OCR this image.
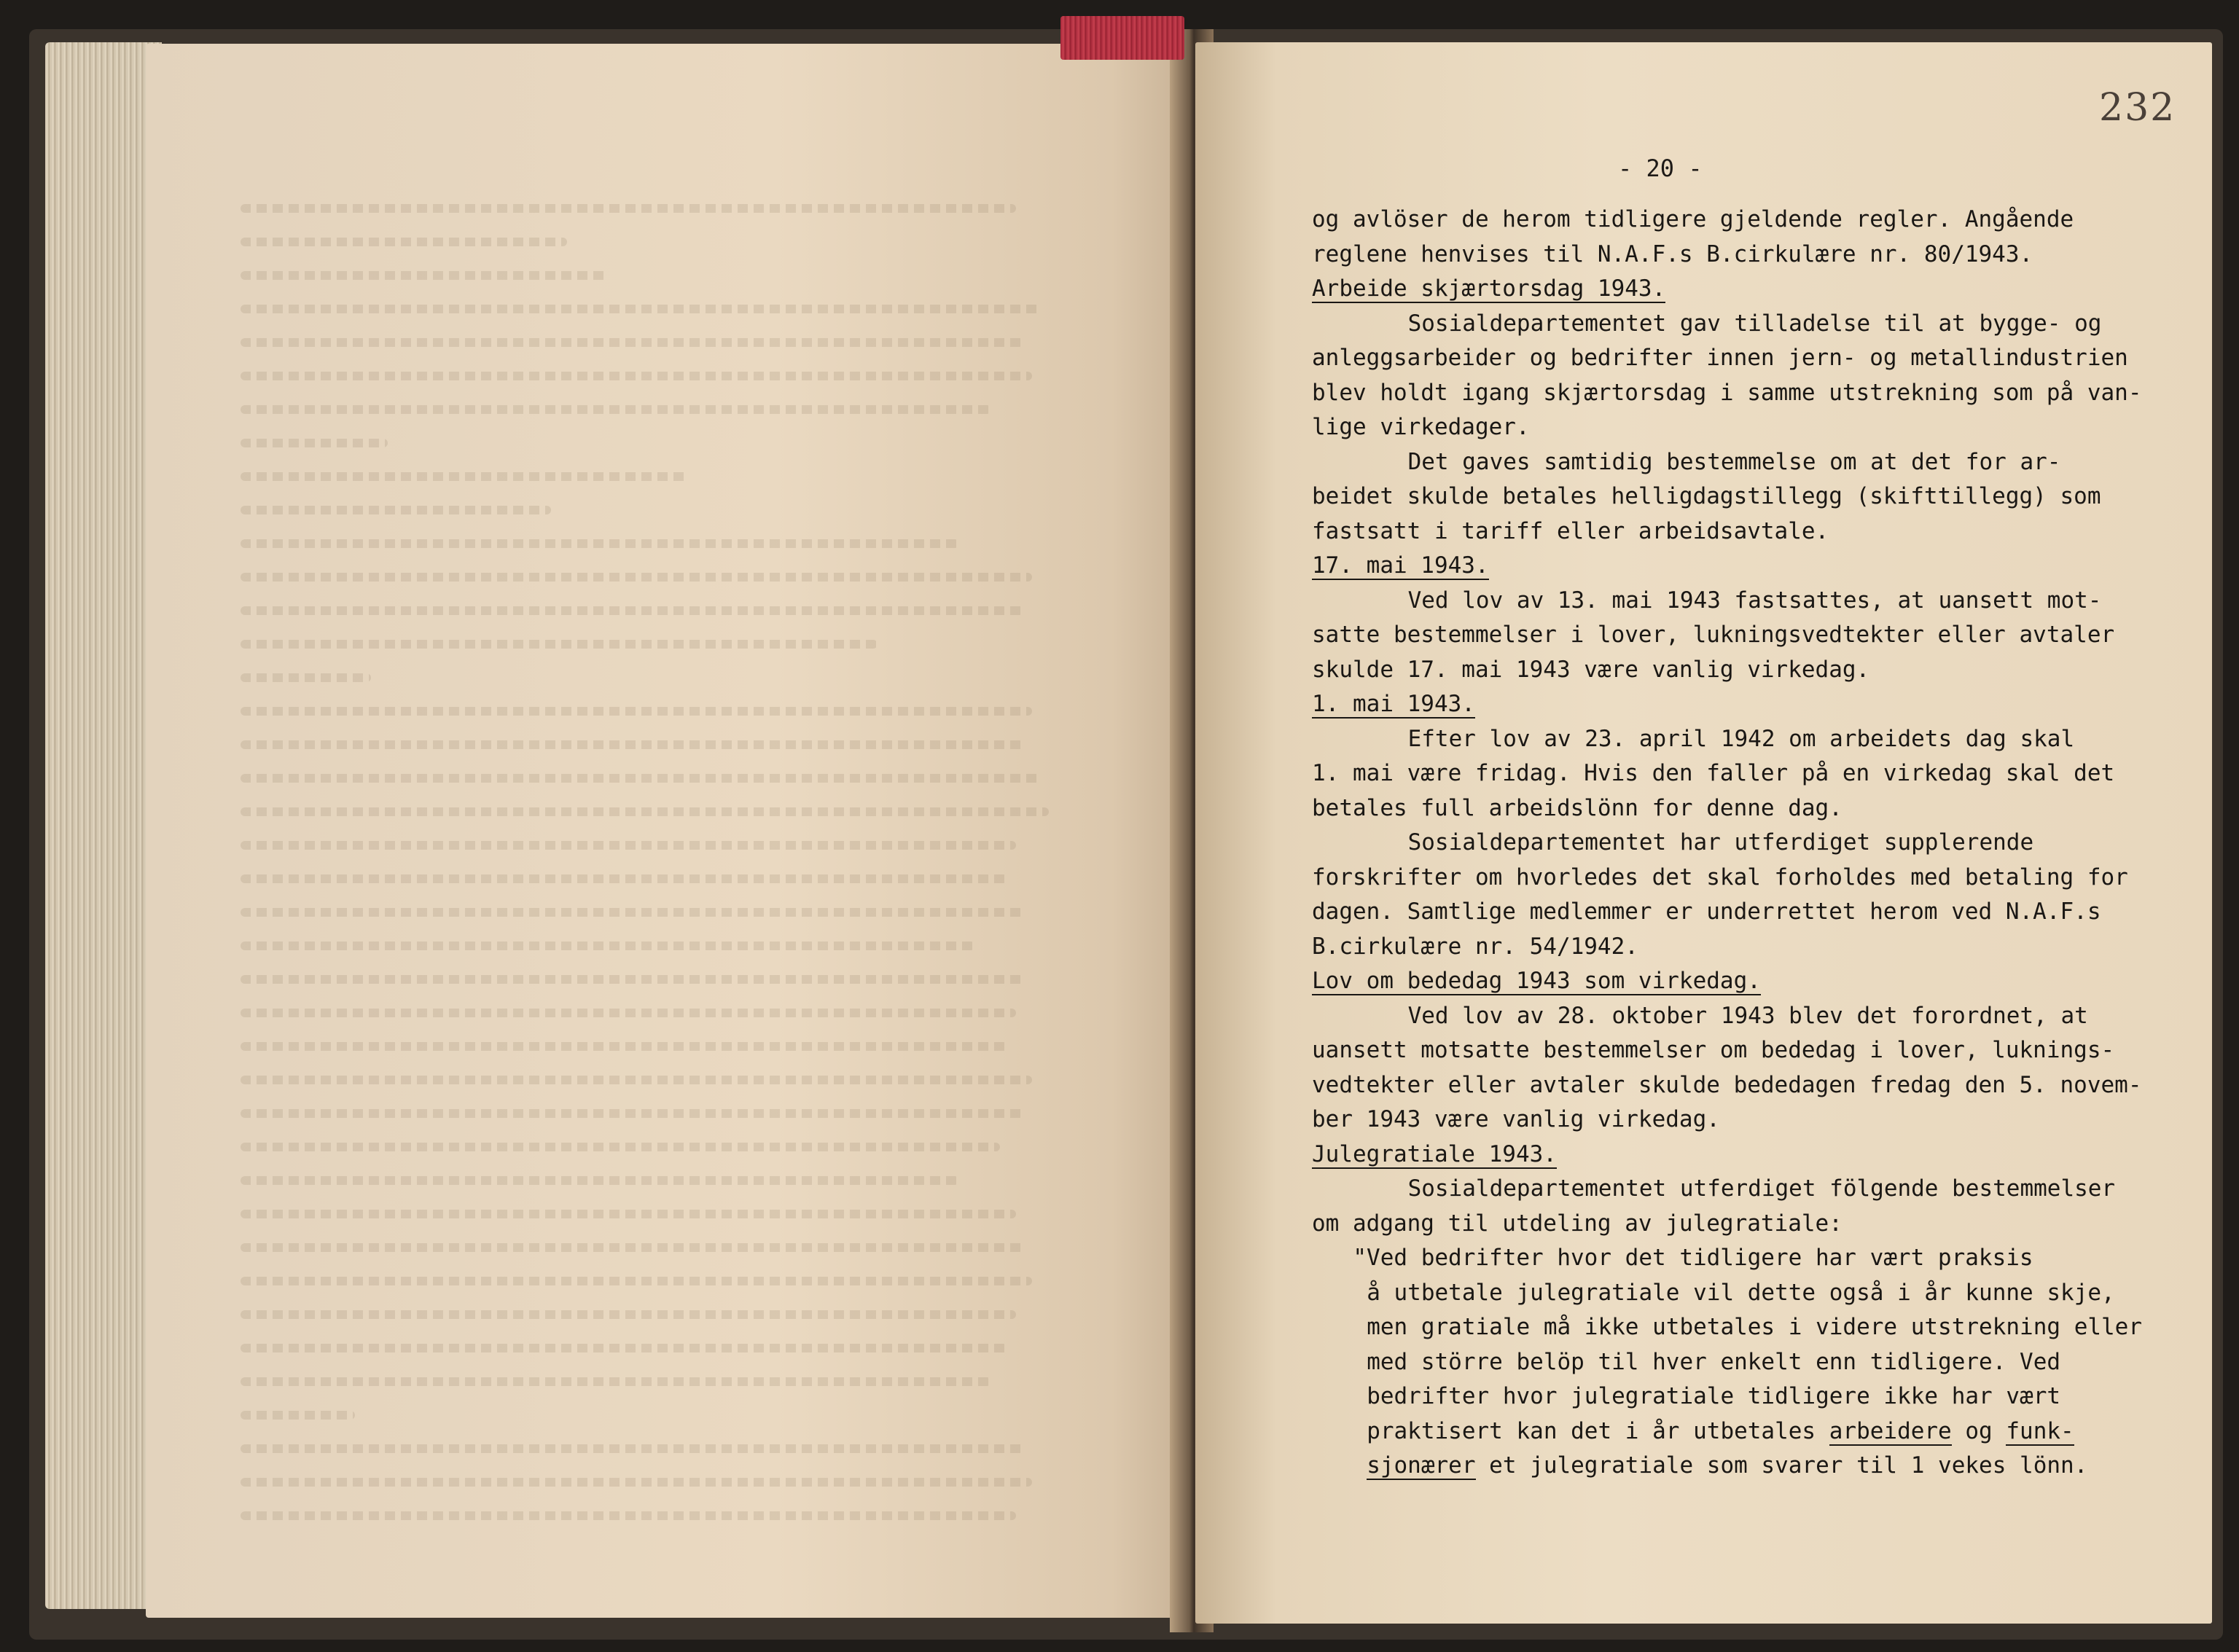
232
- 20 -
og avlöser de herom tidligere gjeldende regler. Angående
reglene henvises til N.A.F.s B.cirkulære nr. 80/1943.
Arbeide skjærtorsdag 1943.
Sosialdepartementet gav tilladelse til at bygge- og
anleggsarbeider og bedrifter innen jern- og metallindustrien
blev holdt igang skjærtorsdag i samme utstrekning som på van-
lige virkedager.
Det gaves samtidig bestemmelse om at det for ar-
beidet skulde betales helligdagstillegg (skifttillegg) som
fastsatt i tariff eller arbeidsavtale.
17. mai 1943.
Ved lov av 13. mai 1943 fastsattes, at uansett mot-
satte bestemmelser i lover, lukningsvedtekter eller avtaler
skulde 17. mai 1943 være vanlig virkedag.
1. mai 1943.
Efter lov av 23. april 1942 om arbeidets dag skal
1. mai være fridag. Hvis den faller på en virkedag skal det
betales full arbeidslönn for denne dag.
Sosialdepartementet har utferdiget supplerende
forskrifter om hvorledes det skal forholdes med betaling for
dagen. Samtlige medlemmer er underrettet herom ved N.A.F.s
B.cirkulære nr. 54/1942.
Lov om bededag 1943 som virkedag.
Ved lov av 28. oktober 1943 blev det forordnet, at
uansett motsatte bestemmelser om bededag i lover, luknings-
vedtekter eller avtaler skulde bededagen fredag den 5. novem-
ber 1943 være vanlig virkedag.
Julegratiale 1943.
Sosialdepartementet utferdiget fölgende bestemmelser
om adgang til utdeling av julegratiale:
"Ved bedrifter hvor det tidligere har vært praksis
å utbetale julegratiale vil dette også i år kunne skje,
men gratiale må ikke utbetales i videre utstrekning eller
med större belöp til hver enkelt enn tidligere. Ved
bedrifter hvor julegratiale tidligere ikke har vært
praktisert kan det i år utbetales arbeidere og funk-
sjonærer et julegratiale som svarer til 1 vekes lönn.
